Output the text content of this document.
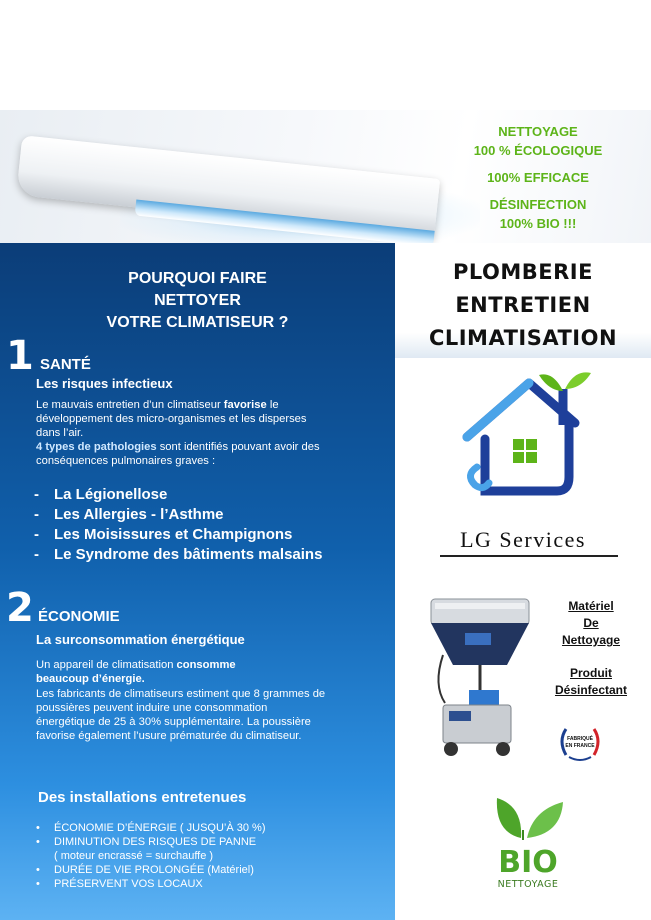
NETTOYAGE
100 % ÉCOLOGIQUE
100% EFFICACE
DÉSINFECTION
100% BIO !!!
POURQUOI FAIRE
NETTOYER
VOTRE CLIMATISEUR ?
1 SANTÉ
Les risques infectieux
Le mauvais entretien d’un climatiseur favorise le développement des micro-organismes et les disperses dans l’air.
4 types de pathologies sont identifiés pouvant avoir des conséquences pulmonaires graves :
- La Légionellose
- Les Allergies - l’Asthme
- Les Moisissures et Champignons
- Le Syndrome des bâtiments malsains
2 ÉCONOMIE
La surconsommation énergétique
Un appareil de climatisation consomme beaucoup d’énergie.
Les fabricants de climatiseurs estiment que 8 grammes de poussières peuvent induire une consommation énergétique de 25 à 30% supplémentaire. La poussière favorise également l’usure prématurée du climatiseur.
Des installations entretenues
• ÉCONOMIE D’ÉNERGIE ( JUSQU’À 30 %)
• DIMINUTION DES RISQUES DE PANNE
( moteur encrassé = surchauffe )
• DURÉE DE VIE PROLONGÉE (Matériel)
• PRÉSERVENT VOS LOCAUX
PLOMBERIE
ENTRETIEN
CLIMATISATION
LG Services
Matériel
De
Nettoyage
Produit
Désinfectant
FABRIQUÉ
EN FRANCE
BIO
NETTOYAGE
